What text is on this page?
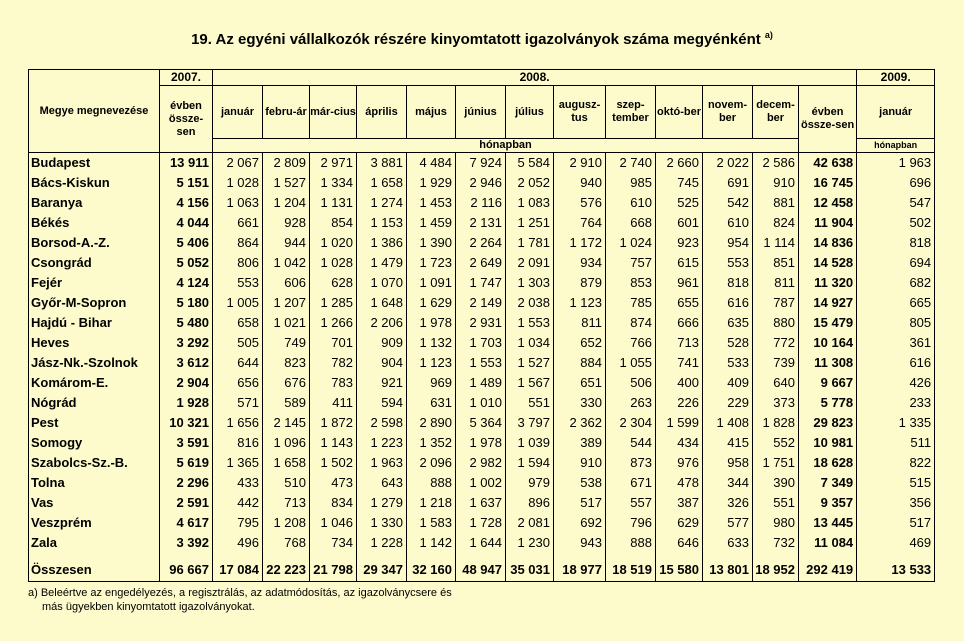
19. Az egyéni vállalkozók részére kinyomtatott igazolványok száma megyénként $^{a)}$
Megye megnevezése	2007.	2008.													2009.
	évben össze-sen	január	febru-ár	már-cius	április	május	június	július	augusz-tus	szep-tember	októ-ber	novem-ber	decem-ber	évben össze-sen	január
		hónapban													hónapban
Budapest	13 911	2 067	2 809	2 971	3 881	4 484	7 924	5 584	2 910	2 740	2 660	2 022	2 586	42 638	1 963
Bács-Kiskun	5 151	1 028	1 527	1 334	1 658	1 929	2 946	2 052	940	985	745	691	910	16 745	696
Baranya	4 156	1 063	1 204	1 131	1 274	1 453	2 116	1 083	576	610	525	542	881	12 458	547
Békés	4 044	661	928	854	1 153	1 459	2 131	1 251	764	668	601	610	824	11 904	502
Borsod-A.-Z.	5 406	864	944	1 020	1 386	1 390	2 264	1 781	1 172	1 024	923	954	1 114	14 836	818
Csongrád	5 052	806	1 042	1 028	1 479	1 723	2 649	2 091	934	757	615	553	851	14 528	694
Fejér	4 124	553	606	628	1 070	1 091	1 747	1 303	879	853	961	818	811	11 320	682
Győr-M-Sopron	5 180	1 005	1 207	1 285	1 648	1 629	2 149	2 038	1 123	785	655	616	787	14 927	665
Hajdú - Bihar	5 480	658	1 021	1 266	2 206	1 978	2 931	1 553	811	874	666	635	880	15 479	805
Heves	3 292	505	749	701	909	1 132	1 703	1 034	652	766	713	528	772	10 164	361
Jász-Nk.-Szolnok	3 612	644	823	782	904	1 123	1 553	1 527	884	1 055	741	533	739	11 308	616
Komárom-E.	2 904	656	676	783	921	969	1 489	1 567	651	506	400	409	640	9 667	426
Nógrád	1 928	571	589	411	594	631	1 010	551	330	263	226	229	373	5 778	233
Pest	10 321	1 656	2 145	1 872	2 598	2 890	5 364	3 797	2 362	2 304	1 599	1 408	1 828	29 823	1 335
Somogy	3 591	816	1 096	1 143	1 223	1 352	1 978	1 039	389	544	434	415	552	10 981	511
Szabolcs-Sz.-B.	5 619	1 365	1 658	1 502	1 963	2 096	2 982	1 594	910	873	976	958	1 751	18 628	822
Tolna	2 296	433	510	473	643	888	1 002	979	538	671	478	344	390	7 349	515
Vas	2 591	442	713	834	1 279	1 218	1 637	896	517	557	387	326	551	9 357	356
Veszprém	4 617	795	1 208	1 046	1 330	1 583	1 728	2 081	692	796	629	577	980	13 445	517
Zala	3 392	496	768	734	1 228	1 142	1 644	1 230	943	888	646	633	732	11 084	469

Összesen	96 667	17 084	22 223	21 798	29 347	32 160	48 947	35 031	18 977	18 519	15 580	13 801	18 952	292 419	13 533
a) Beleértve az engedélyezés, a regisztrálás, az adatmódosítás, az igazolványcsere és
más ügyekben kinyomtatott igazolványokat.
